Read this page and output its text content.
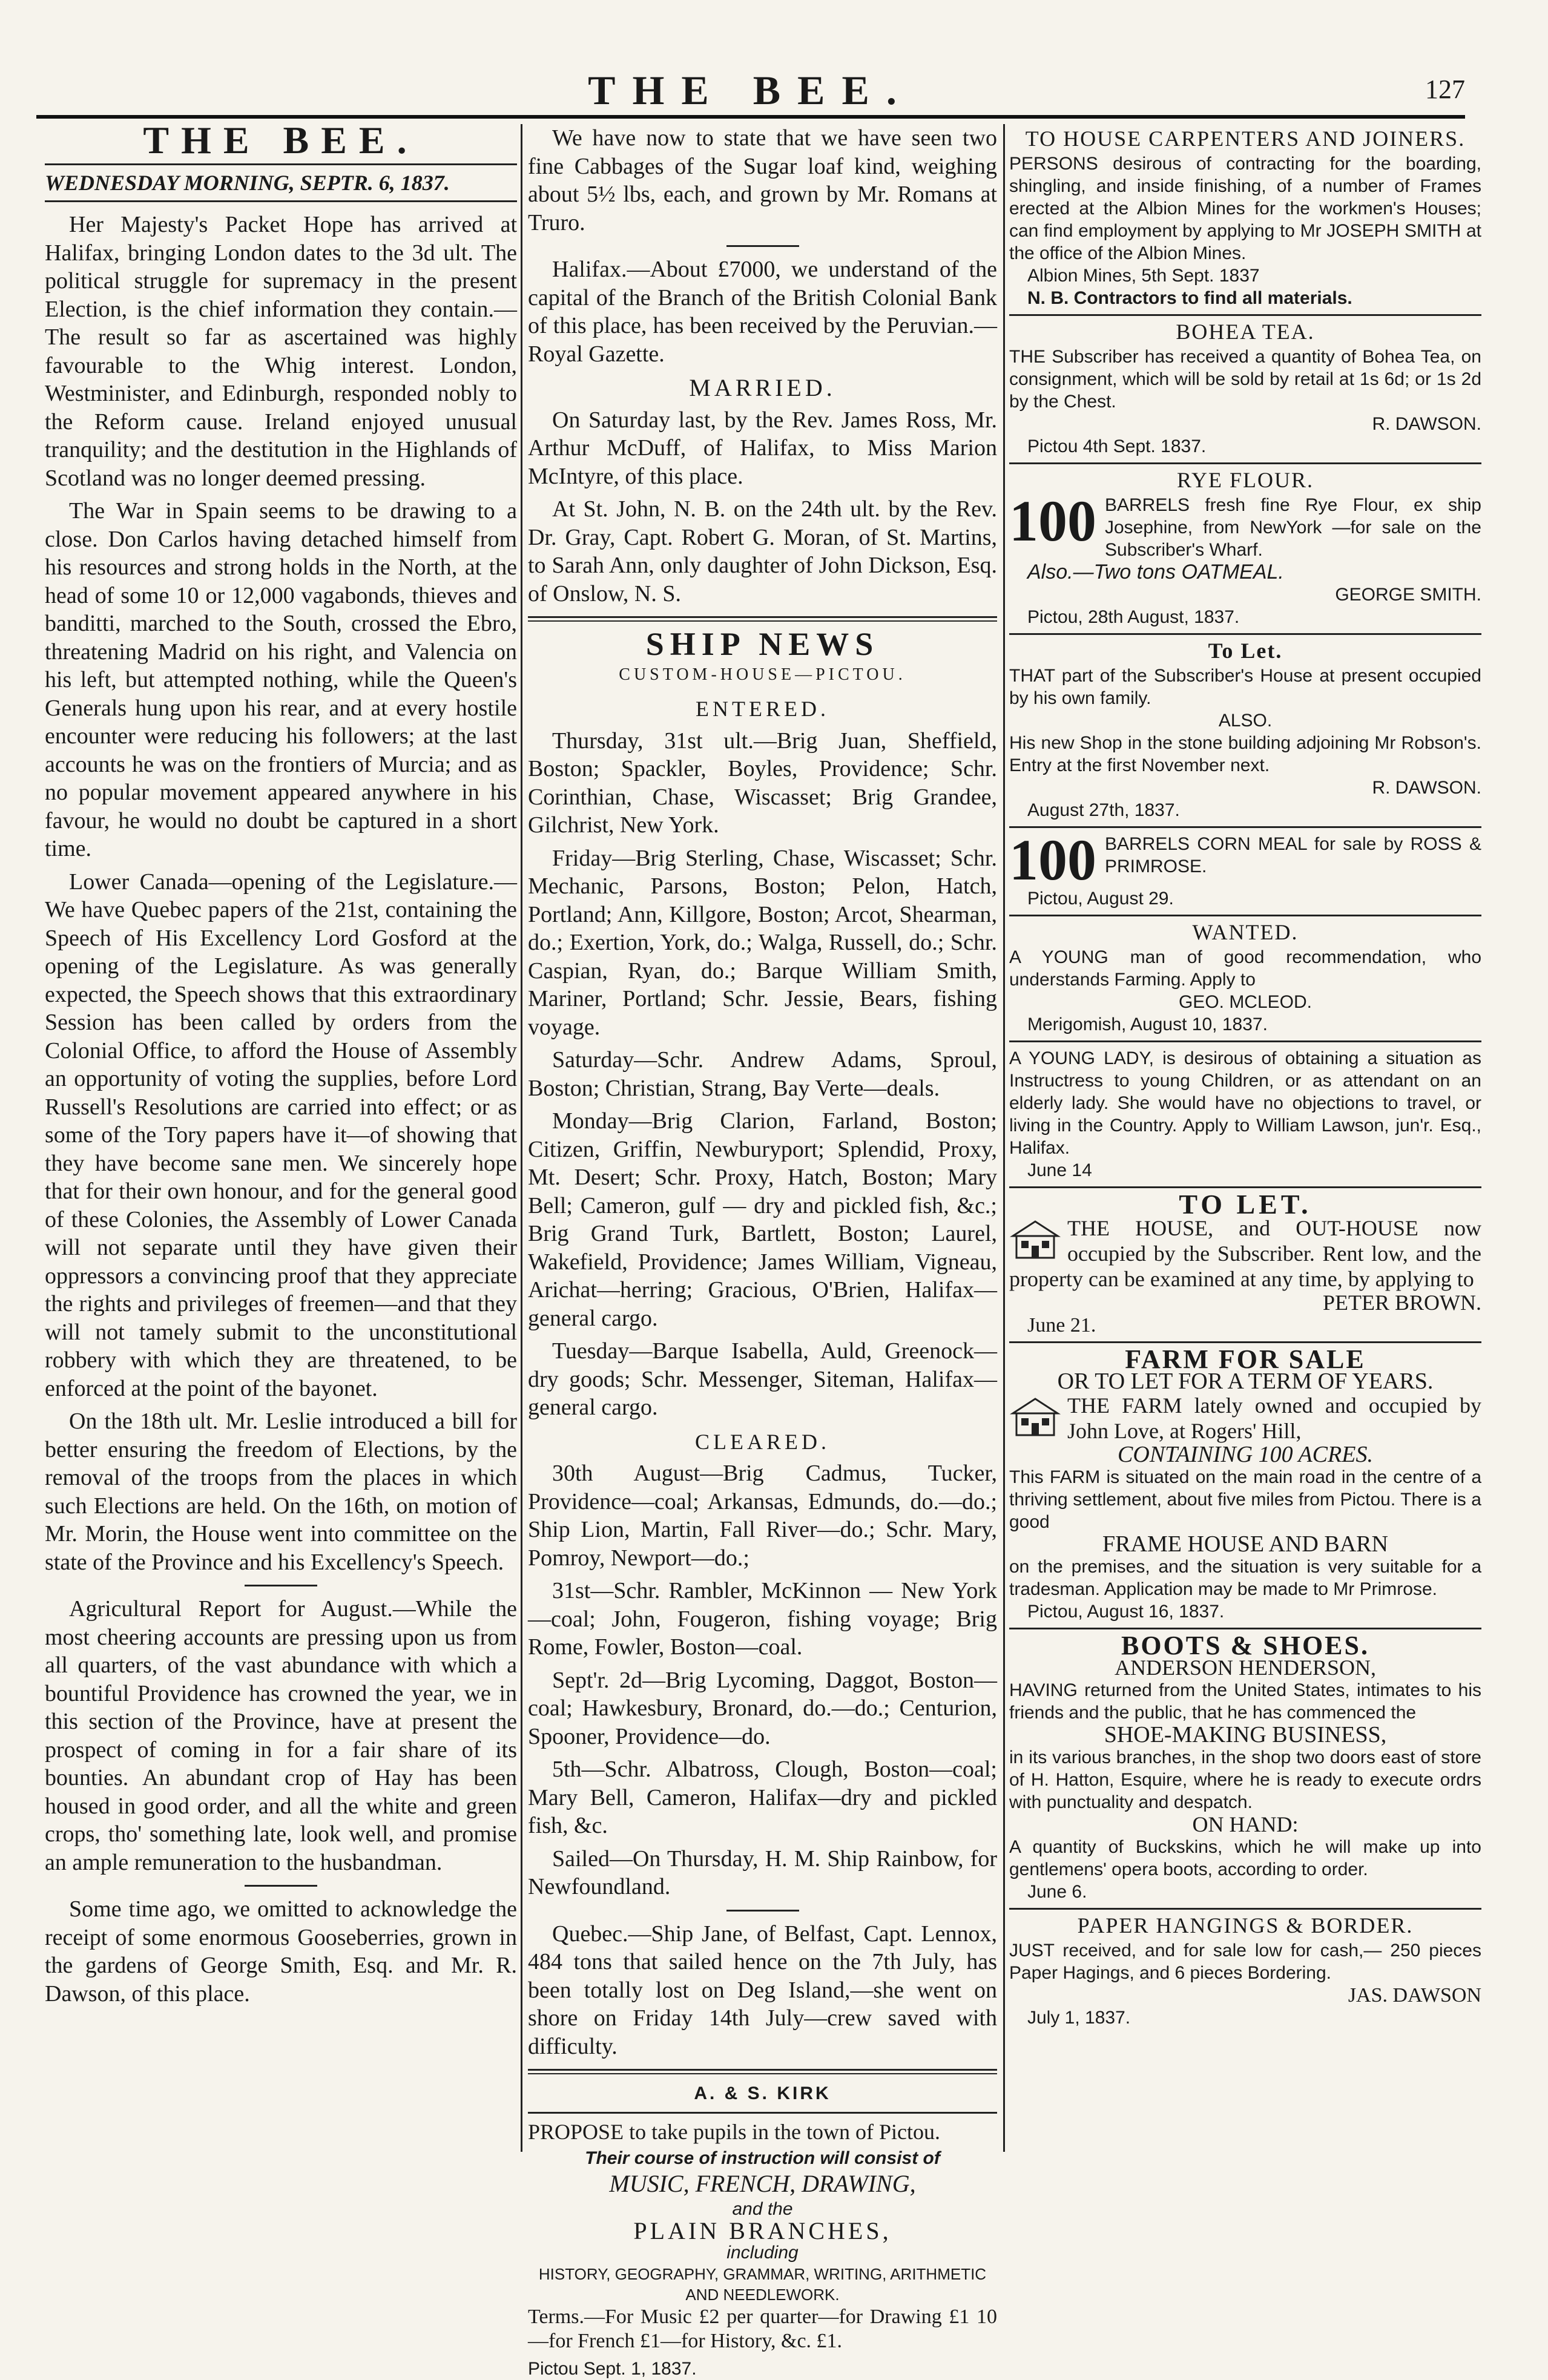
THE BEE.	127
THE BEE.

WEDNESDAY MORNING, SEPTR. 6, 1837.

Her Majesty's Packet Hope has arrived at Halifax, bringing London dates to the 3d ult. The political struggle for supremacy in the present Election, is the chief information they contain.— The result so far as ascertained was highly favourable to the Whig interest. London, Westminister, and Edinburgh, responded nobly to the Reform cause. Ireland enjoyed unusual tranquility; and the destitution in the Highlands of Scotland was no longer deemed pressing.

The War in Spain seems to be drawing to a close. Don Carlos having detached himself from his resources and strong holds in the North, at the head of some 10 or 12,000 vagabonds, thieves and banditti, marched to the South, crossed the Ebro, threatening Madrid on his right, and Valencia on his left, but attempted nothing, while the Queen's Generals hung upon his rear, and at every hostile encounter were reducing his followers; at the last accounts he was on the frontiers of Murcia; and as no popular movement appeared anywhere in his favour, he would no doubt be captured in a short time.

Lower Canada—opening of the Legislature.—We have Quebec papers of the 21st, containing the Speech of His Excellency Lord Gosford at the opening of the Legislature. As was generally expected, the Speech shows that this extraordinary Session has been called by orders from the Colonial Office, to afford the House of Assembly an opportunity of voting the supplies, before Lord Russell's Resolutions are carried into effect; or as some of the Tory papers have it—of showing that they have become sane men. We sincerely hope that for their own honour, and for the general good of these Colonies, the Assembly of Lower Canada will not separate until they have given their oppressors a convincing proof that they appreciate the rights and privileges of freemen—and that they will not tamely submit to the unconstitutional robbery with which they are threatened, to be enforced at the point of the bayonet.

On the 18th ult. Mr. Leslie introduced a bill for better ensuring the freedom of Elections, by the removal of the troops from the places in which such Elections are held. On the 16th, on motion of Mr. Morin, the House went into committee on the state of the Province and his Excellency's Speech.

Agricultural Report for August.—While the most cheering accounts are pressing upon us from all quarters, of the vast abundance with which a bountiful Providence has crowned the year, we in this section of the Province, have at present the prospect of coming in for a fair share of its bounties. An abundant crop of Hay has been housed in good order, and all the white and green crops, tho' something late, look well, and promise an ample remuneration to the husbandman.

Some time ago, we omitted to acknowledge the receipt of some enormous Gooseberries, grown in the gardens of George Smith, Esq. and Mr. R. Dawson, of this place.

We have now to state that we have seen two fine Cabbages of the Sugar loaf kind, weighing about 5½ lbs, each, and grown by Mr. Romans at Truro.

Halifax.—About £7000, we understand of the capital of the Branch of the British Colonial Bank of this place, has been received by the Peruvian.—Royal Gazette.

MARRIED.

On Saturday last, by the Rev. James Ross, Mr. Arthur McDuff, of Halifax, to Miss Marion McIntyre, of this place.

At St. John, N. B. on the 24th ult. by the Rev. Dr. Gray, Capt. Robert G. Moran, of St. Martins, to Sarah Ann, only daughter of John Dickson, Esq. of Onslow, N. S.

SHIP NEWS
CUSTOM-HOUSE—PICTOU.
ENTERED.

Thursday, 31st ult.—Brig Juan, Sheffield, Boston; Spackler, Boyles, Providence; Schr. Corinthian, Chase, Wiscasset; Brig Grandee, Gilchrist, New York.

Friday—Brig Sterling, Chase, Wiscasset; Schr. Mechanic, Parsons, Boston; Pelon, Hatch, Portland; Ann, Killgore, Boston; Arcot, Shearman, do.; Exertion, York, do.; Walga, Russell, do.; Schr. Caspian, Ryan, do.; Barque William Smith, Mariner, Portland; Schr. Jessie, Bears, fishing voyage.

Saturday—Schr. Andrew Adams, Sproul, Boston; Christian, Strang, Bay Verte—deals.

Monday—Brig Clarion, Farland, Boston; Citizen, Griffin, Newburyport; Splendid, Proxy, Mt. Desert; Schr. Proxy, Hatch, Boston; Mary Bell; Cameron, gulf — dry and pickled fish, &c.; Brig Grand Turk, Bartlett, Boston; Laurel, Wakefield, Providence; James William, Vigneau, Arichat—herring; Gracious, O'Brien, Halifax—general cargo.

Tuesday—Barque Isabella, Auld, Greenock—dry goods; Schr. Messenger, Siteman, Halifax—general cargo.

CLEARED.

30th August—Brig Cadmus, Tucker, Providence—coal; Arkansas, Edmunds, do.—do.; Ship Lion, Martin, Fall River—do.; Schr. Mary, Pomroy, Newport—do.;

31st—Schr. Rambler, McKinnon — New York —coal; John, Fougeron, fishing voyage; Brig Rome, Fowler, Boston—coal.

Sept'r. 2d—Brig Lycoming, Daggot, Boston—coal; Hawkesbury, Bronard, do.—do.; Centurion, Spooner, Providence—do.

5th—Schr. Albatross, Clough, Boston—coal; Mary Bell, Cameron, Halifax—dry and pickled fish, &c.

Sailed—On Thursday, H. M. Ship Rainbow, for Newfoundland.

Quebec.—Ship Jane, of Belfast, Capt. Lennox, 484 tons that sailed hence on the 7th July, has been totally lost on Deg Island,—she went on shore on Friday 14th July—crew saved with difficulty.

A. & S. KIRK

PROPOSE to take pupils in the town of Pictou.

Their course of instruction will consist of
MUSIC, FRENCH, DRAWING,
and the
PLAIN BRANCHES,
including
HISTORY, GEOGRAPHY, GRAMMAR, WRITING, ARITHMETIC AND NEEDLEWORK.

Terms.—For Music £2 per quarter—for Drawing £1 10—for French £1—for History, &c. £1.

Pictou Sept. 1, 1837.
TO HOUSE CARPENTERS AND JOINERS.
PERSONS desirous of contracting for the boarding, shingling, and inside finishing, of a number of Frames erected at the Albion Mines for the workmen's Houses; can find employment by applying to Mr JOSEPH SMITH at the office of the Albion Mines.
Albion Mines, 5th Sept. 1837
N. B. Contractors to find all materials.
BOHEA TEA.
THE Subscriber has received a quantity of Bohea Tea, on consignment, which will be sold by retail at 1s 6d; or 1s 2d by the Chest.
R. DAWSON.
Pictou 4th Sept. 1837.
RYE FLOUR.
100 BARRELS fresh fine Rye Flour, ex ship Josephine, from NewYork —for sale on the Subscriber's Wharf.
Also.—Two tons OATMEAL.
GEORGE SMITH.
Pictou, 28th August, 1837.
To Let.
THAT part of the Subscriber's House at present occupied by his own family.
ALSO.
His new Shop in the stone building adjoining Mr Robson's. Entry at the first November next.
R. DAWSON.
August 27th, 1837.
100 BARRELS CORN MEAL for sale by ROSS & PRIMROSE.
Pictou, August 29.
WANTED.
A YOUNG man of good recommendation, who understands Farming. Apply to
GEO. MCLEOD.
Merigomish, August 10, 1837.
A YOUNG LADY, is desirous of obtaining a situation as Instructress to young Children, or as attendant on an elderly lady. She would have no objections to travel, or living in the Country. Apply to William Lawson, jun'r. Esq., Halifax.
June 14
TO LET.
THE HOUSE, and OUT-HOUSE now occupied by the Subscriber. Rent low, and the property can be examined at any time, by applying to
PETER BROWN.
June 21.
FARM FOR SALE
OR TO LET FOR A TERM OF YEARS.
THE FARM lately owned and occupied by John Love, at Rogers' Hill,
CONTAINING 100 ACRES.
This FARM is situated on the main road in the centre of a thriving settlement, about five miles from Pictou. There is a good
FRAME HOUSE AND BARN
on the premises, and the situation is very suitable for a tradesman. Application may be made to Mr Primrose.
Pictou, August 16, 1837.
BOOTS & SHOES.
ANDERSON HENDERSON,
HAVING returned from the United States, intimates to his friends and the public, that he has commenced the
SHOE-MAKING BUSINESS,
in its various branches, in the shop two doors east of store of H. Hatton, Esquire, where he is ready to execute ordrs with punctuality and despatch.
ON HAND:
A quantity of Buckskins, which he will make up into gentlemens' opera boots, according to order.
June 6.
PAPER HANGINGS & BORDER.
JUST received, and for sale low for cash,— 250 pieces Paper Hagings, and 6 pieces Bordering.
JAS. DAWSON
July 1, 1837.
